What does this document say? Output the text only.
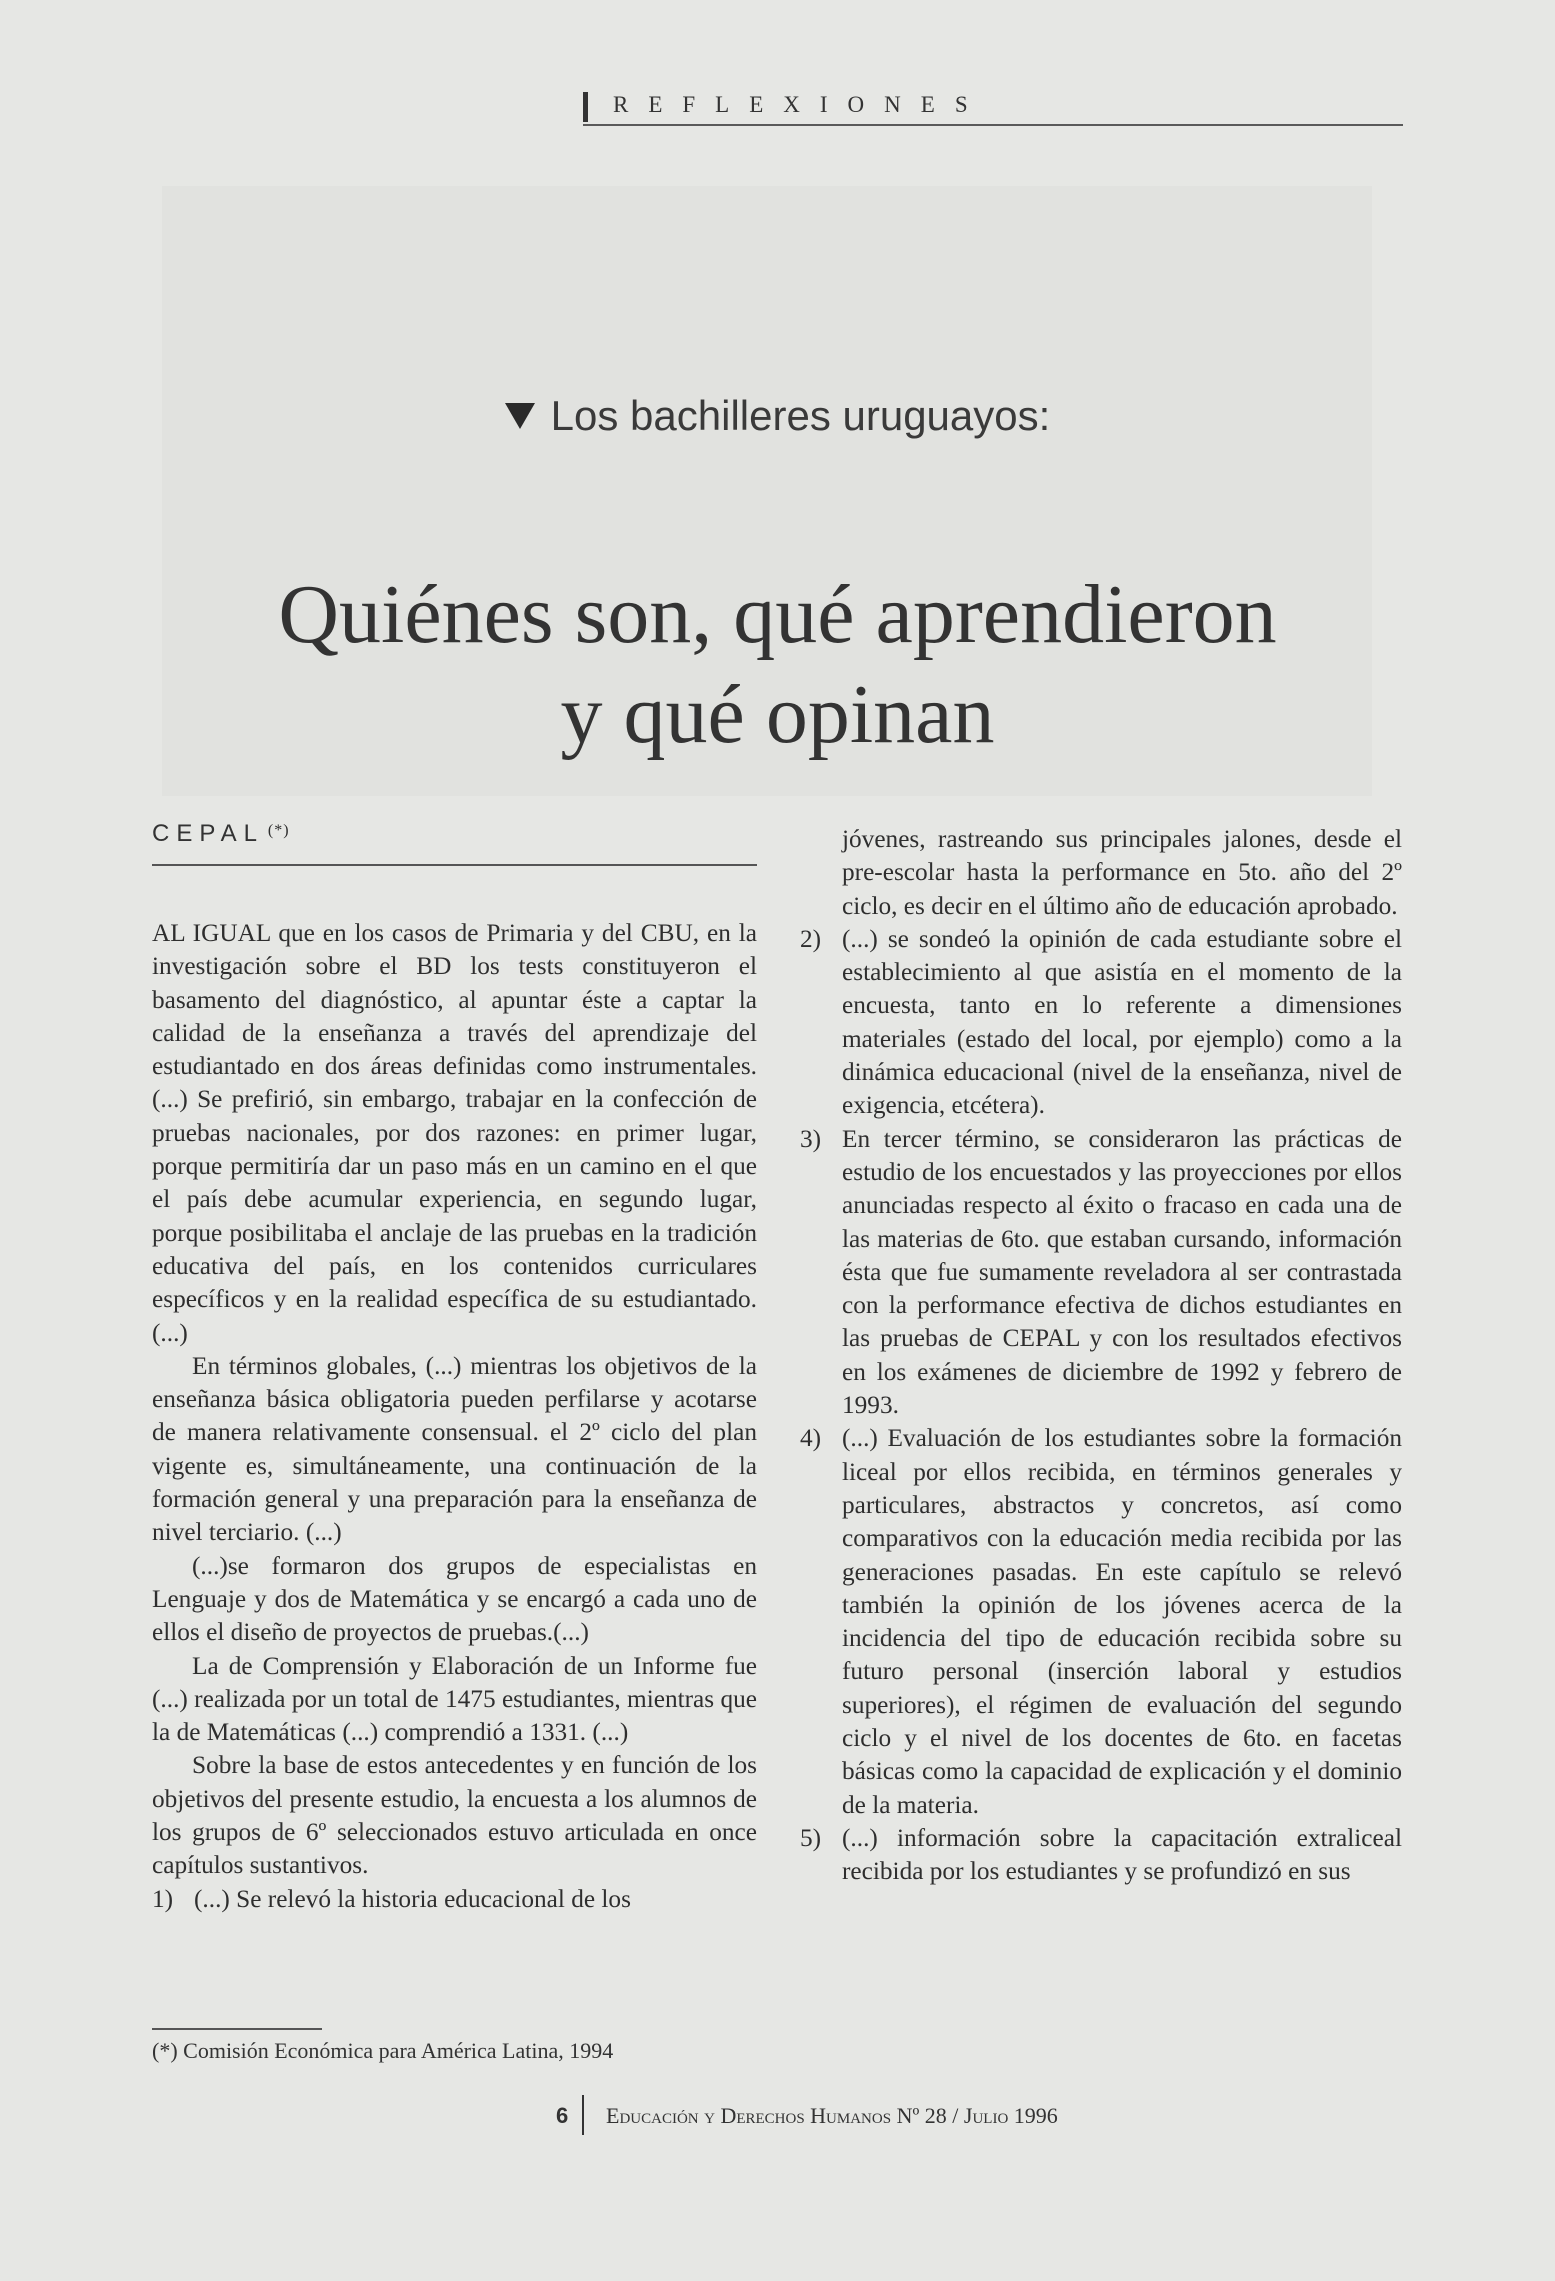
REFLEXIONES
Los bachilleres uruguayos:
Quiénes son, qué aprendieron
y qué opinan
CEPAL (*)

AL IGUAL que en los casos de Primaria y del CBU, en la investigación sobre el BD los tests constituyeron el basamento del diagnóstico, al apuntar éste a captar la calidad de la enseñanza a través del aprendizaje del estudiantado en dos áreas definidas como instrumentales. (...) Se prefirió, sin embargo, trabajar en la confección de pruebas nacionales, por dos razones: en primer lugar, porque permitiría dar un paso más en un camino en el que el país debe acumular experiencia, en segundo lugar, porque posibilitaba el anclaje de las pruebas en la tradición educativa del país, en los contenidos curriculares específicos y en la realidad específica de su estudiantado. (...)

En términos globales, (...) mientras los objetivos de la enseñanza básica obligatoria pueden perfilarse y acotarse de manera relativamente consensual. el 2º ciclo del plan vigente es, simultáneamente, una continuación de la formación general y una preparación para la enseñanza de nivel terciario. (...)

(...)se formaron dos grupos de especialistas en Lenguaje y dos de Matemática y se encargó a cada uno de ellos el diseño de proyectos de pruebas.(...)

La de Comprensión y Elaboración de un Informe fue (...) realizada por un total de 1475 estudiantes, mientras que la de Matemáticas (...) comprendió a 1331. (...)

Sobre la base de estos antecedentes y en función de los objetivos del presente estudio, la encuesta a los alumnos de los grupos de 6º seleccionados estuvo articulada en once capítulos sustantivos.

1) (...) Se relevó la historia educacional de los

jóvenes, rastreando sus principales jalones, desde el pre-escolar hasta la performance en 5to. año del 2º ciclo, es decir en el último año de educación aprobado.

2) (...) se sondeó la opinión de cada estudiante sobre el establecimiento al que asistía en el momento de la encuesta, tanto en lo referente a dimensiones materiales (estado del local, por ejemplo) como a la dinámica educacional (nivel de la enseñanza, nivel de exigencia, etcétera).

3) En tercer término, se consideraron las prácticas de estudio de los encuestados y las proyecciones por ellos anunciadas respecto al éxito o fracaso en cada una de las materias de 6to. que estaban cursando, información ésta que fue sumamente reveladora al ser contrastada con la performance efectiva de dichos estudiantes en las pruebas de CEPAL y con los resultados efectivos en los exámenes de diciembre de 1992 y febrero de 1993.

4) (...) Evaluación de los estudiantes sobre la formación liceal por ellos recibida, en términos generales y particulares, abstractos y concretos, así como comparativos con la educación media recibida por las generaciones pasadas. En este capítulo se relevó también la opinión de los jóvenes acerca de la incidencia del tipo de educación recibida sobre su futuro personal (inserción laboral y estudios superiores), el régimen de evaluación del segundo ciclo y el nivel de los docentes de 6to. en facetas básicas como la capacidad de explicación y el dominio de la materia.

5) (...) información sobre la capacitación extraliceal recibida por los estudiantes y se profundizó en sus

(*) Comisión Económica para América Latina, 1994
6 Educación y Derechos Humanos Nº 28 / Julio 1996
